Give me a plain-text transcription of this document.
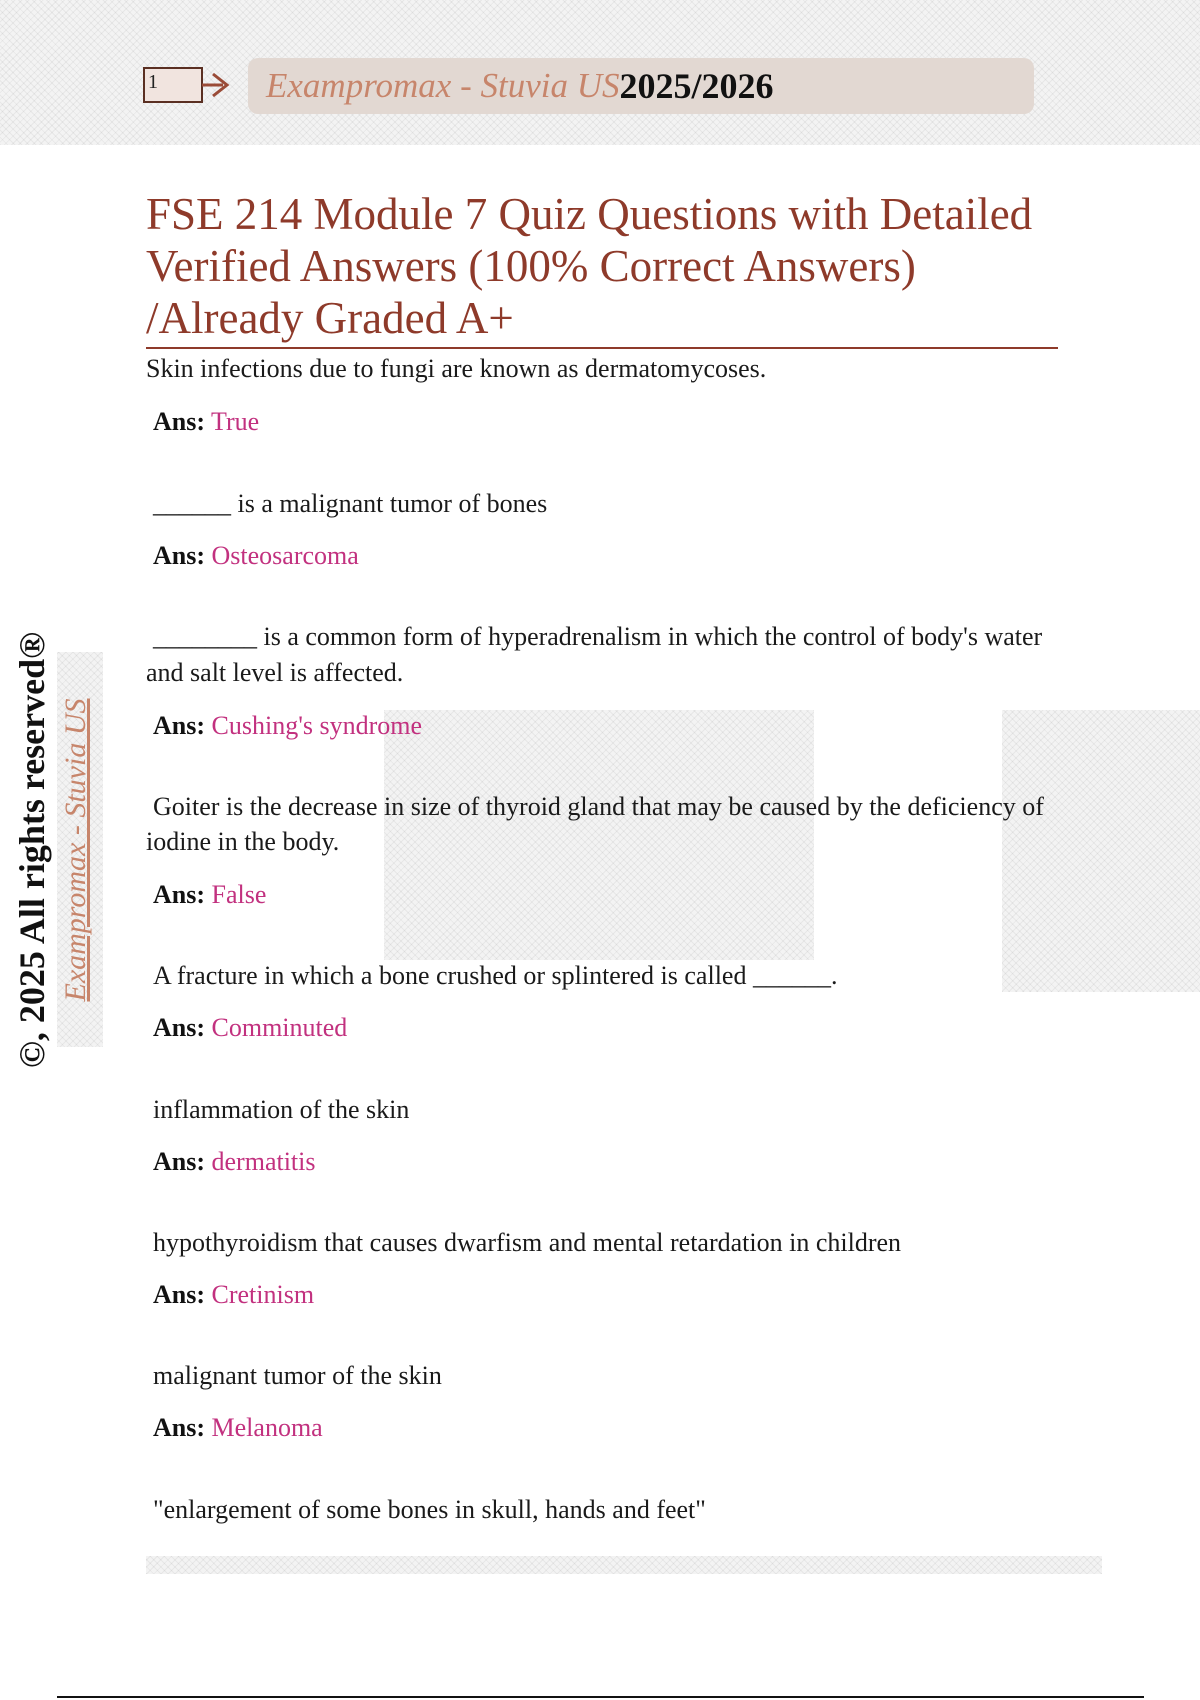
1	Exampromax - Stuvia US 2025/2026
FSE 214 Module 7 Quiz Questions with Detailed Verified Answers (100% Correct Answers) /Already Graded A+
©, 2025 All rights reserved® Exampromax - Stuvia US

Skin infections due to fungi are known as dermatomycoses.

Ans: True

______ is a malignant tumor of bones

Ans: Osteosarcoma

________ is a common form of hyperadrenalism in which the control of body's water and salt level is affected.

Ans: Cushing's syndrome

Goiter is the decrease in size of thyroid gland that may be caused by the deficiency of iodine in the body.

Ans: False

A fracture in which a bone crushed or splintered is called ______.

Ans: Comminuted

inflammation of the skin

Ans: dermatitis

hypothyroidism that causes dwarfism and mental retardation in children

Ans: Cretinism

malignant tumor of the skin

Ans: Melanoma

"enlargement of some bones in skull, hands and feet"
